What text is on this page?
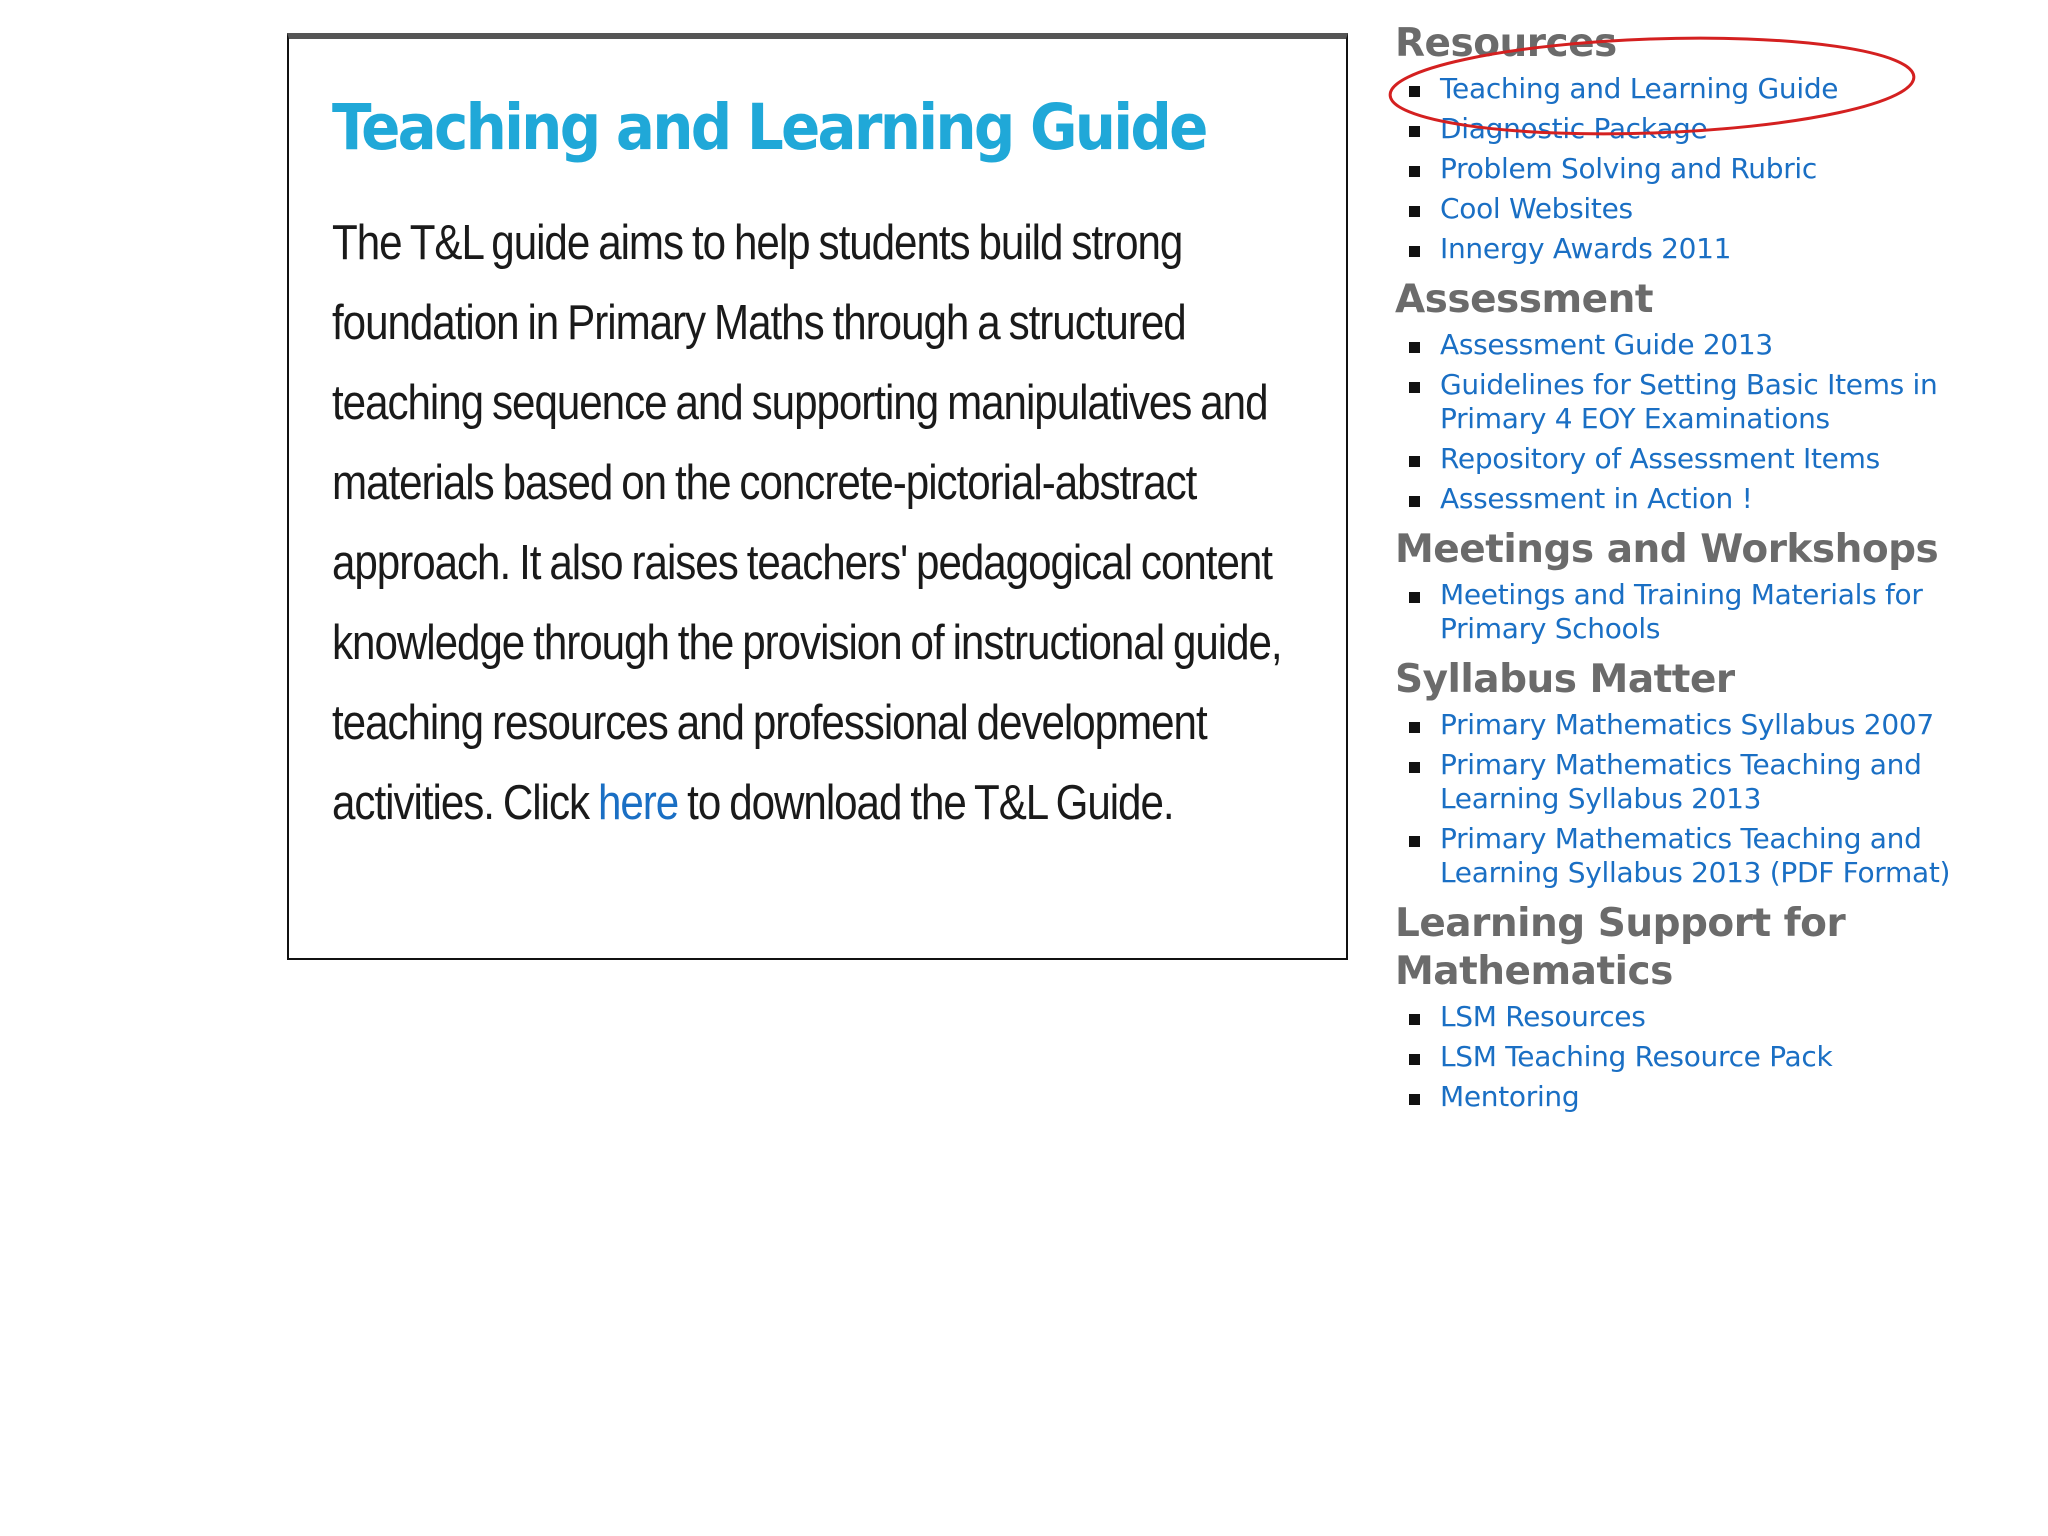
Teaching and Learning Guide

The T&L guide aims to help students build strong foundation in Primary Maths through a structured teaching sequence and supporting manipulatives and materials based on the concrete-pictorial-abstract approach. It also raises teachers' pedagogical content knowledge through the provision of instructional guide, teaching resources and professional development activities. Click here to download the T&L Guide.

Resources
Teaching and Learning Guide
Diagnostic Package
Problem Solving and Rubric
Cool Websites
Innergy Awards 2011
Assessment
Assessment Guide 2013
Guidelines for Setting Basic Items in Primary 4 EOY Examinations
Repository of Assessment Items
Assessment in Action !
Meetings and Workshops
Meetings and Training Materials for Primary Schools
Syllabus Matter
Primary Mathematics Syllabus 2007
Primary Mathematics Teaching and Learning Syllabus 2013
Primary Mathematics Teaching and Learning Syllabus 2013 (PDF Format)
Learning Support for Mathematics
LSM Resources
LSM Teaching Resource Pack
Mentoring
